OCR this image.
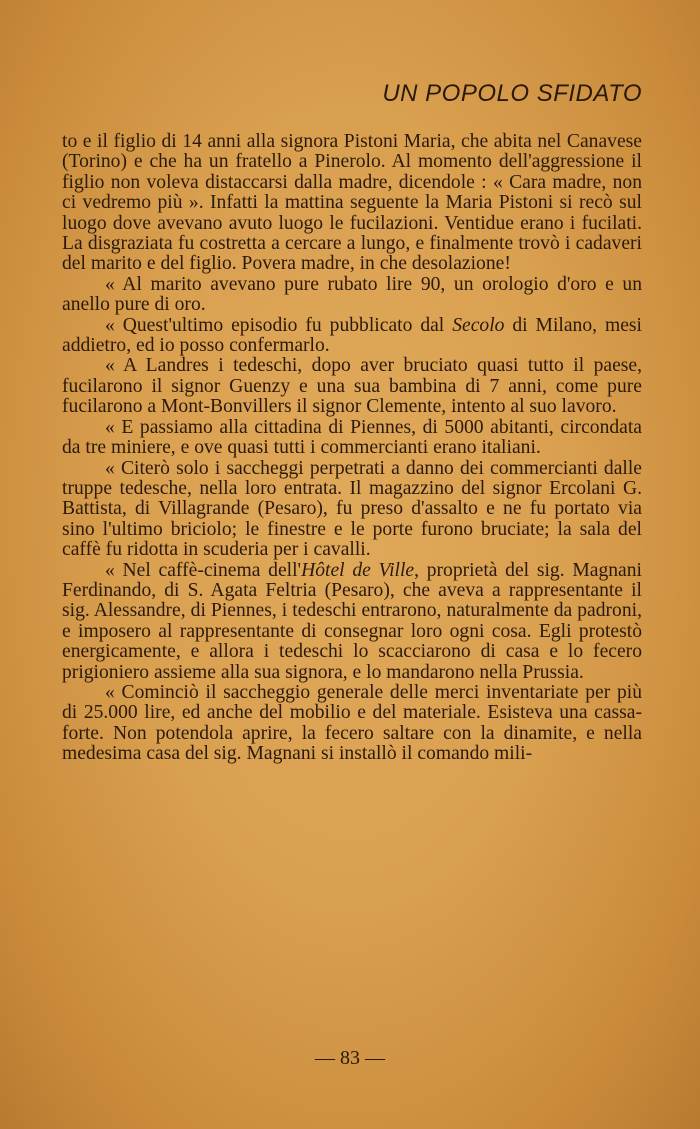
UN POPOLO SFIDATO

to e il figlio di 14 anni alla signora Pistoni Maria, che abita nel Canavese (Torino) e che ha un fratello a Pinerolo. Al momento dell'aggressione il figlio non voleva distaccarsi dalla madre, dicendole : « Cara madre, non ci vedremo più ». Infatti la mattina seguente la Maria Pistoni si recò sul luogo dove avevano avuto luogo le fucilazioni. Ventidue erano i fucilati. La disgraziata fu costretta a cercare a lungo, e finalmente trovò i cadaveri del marito e del figlio. Povera madre, in che desolazione!

« Al marito avevano pure rubato lire 90, un orologio d'oro e un anello pure di oro.

« Quest'ultimo episodio fu pubblicato dal Secolo di Milano, mesi addietro, ed io posso confermarlo.

« A Landres i tedeschi, dopo aver bruciato quasi tutto il paese, fucilarono il signor Guenzy e una sua bambina di 7 anni, come pure fucilarono a Mont-Bonvillers il signor Clemente, intento al suo lavoro.

« E passiamo alla cittadina di Piennes, di 5000 abitanti, circondata da tre miniere, e ove quasi tutti i commercianti erano italiani.

« Citerò solo i saccheggi perpetrati a danno dei commercianti dalle truppe tedesche, nella loro entrata. Il magazzino del signor Ercolani G. Battista, di Villagrande (Pesaro), fu preso d'assalto e ne fu portato via sino l'ultimo briciolo; le finestre e le porte furono bruciate; la sala del caffè fu ridotta in scuderia per i cavalli.

« Nel caffè-cinema dell'Hôtel de Ville, proprietà del sig. Magnani Ferdinando, di S. Agata Feltria (Pesaro), che aveva a rappresentante il sig. Alessandre, di Piennes, i tedeschi entrarono, naturalmente da padroni, e imposero al rappresentante di consegnar loro ogni cosa. Egli protestò energicamente, e allora i tedeschi lo scacciarono di casa e lo fecero prigioniero assieme alla sua signora, e lo mandarono nella Prussia.

« Cominciò il saccheggio generale delle merci inventariate per più di 25.000 lire, ed anche del mobilio e del materiale. Esisteva una cassa-forte. Non potendola aprire, la fecero saltare con la dinamite, e nella medesima casa del sig. Magnani si installò il comando mili-

— 83 —
